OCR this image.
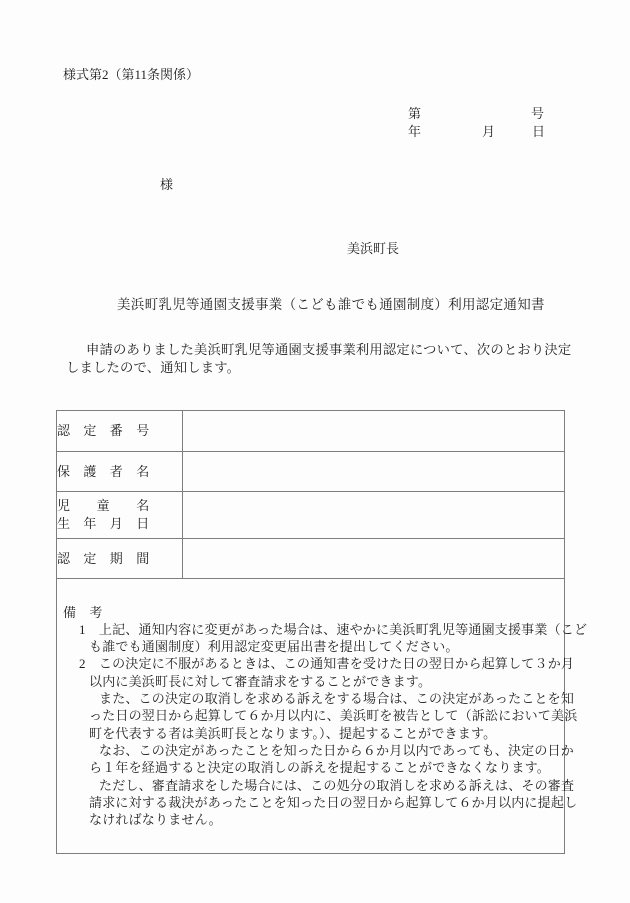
様式第2（第11条関係）
第	号
年	月	日
様
美浜町長
美浜町乳児等通園支援事業（こども誰でも通園制度）利用認定通知書
申請のありました美浜町乳児等通園支援事業利用認定について、次のとおり決定
しましたので、通知します。
認　定　番　号	

保　護　者　名	

児　　童　　名
生　年　月　日	

認　定　期　間	

備　考
1　上記、通知内容に変更があった場合は、速やかに美浜町乳児等通園支援事業（こど
も誰でも通園制度）利用認定変更届出書を提出してください。
2　この決定に不服があるときは、この通知書を受けた日の翌日から起算して３か月
以内に美浜町長に対して審査請求をすることができます。
また、この決定の取消しを求める訴えをする場合は、この決定があったことを知
った日の翌日から起算して６か月以内に、美浜町を被告として（訴訟において美浜
町を代表する者は美浜町長となります。）、提起することができます。
なお、この決定があったことを知った日から６か月以内であっても、決定の日か
ら１年を経過すると決定の取消しの訴えを提起することができなくなります。
ただし、審査請求をした場合には、この処分の取消しを求める訴えは、その審査
請求に対する裁決があったことを知った日の翌日から起算して６か月以内に提起し
なければなりません。
